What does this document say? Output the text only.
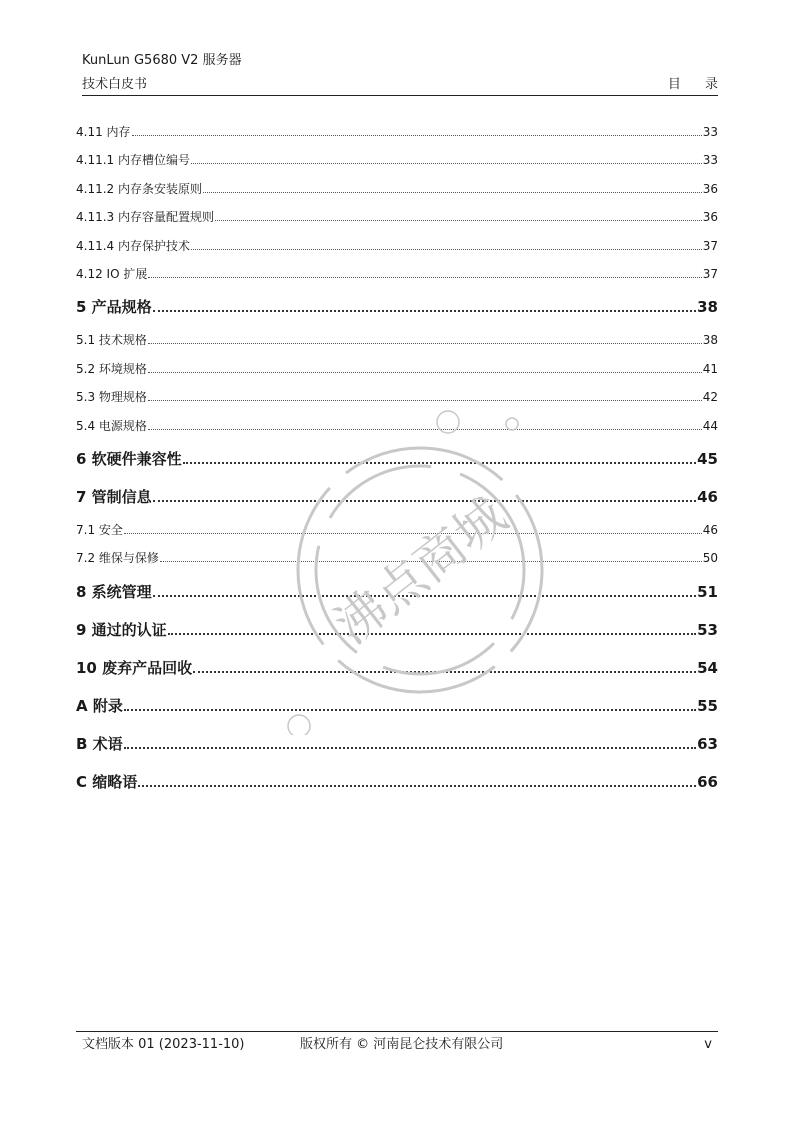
KunLun G5680 V2 服务器
技术白皮书	目 录
4.11 内存	33
4.11.1 内存槽位编号	33
4.11.2 内存条安装原则	36
4.11.3 内存容量配置规则	36
4.11.4 内存保护技术	37
4.12 IO 扩展	37
5 产品规格	38
5.1 技术规格	38
5.2 环境规格	41
5.3 物理规格	42
5.4 电源规格	44
6 软硬件兼容性	45
7 管制信息	46
7.1 安全	46
7.2 维保与保修	50
8 系统管理	51
9 通过的认证	53
10 废弃产品回收	54
A 附录	55
B 术语	63
C 缩略语	66
沸点商城
文档版本 01 (2023-11-10)	版权所有 © 河南昆仑技术有限公司	v
